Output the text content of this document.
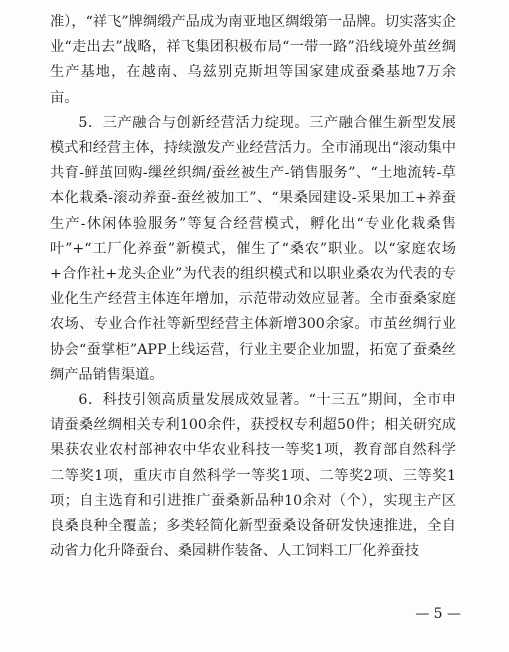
准），“祥飞”牌绸缎产品成为南亚地区绸缎第一品牌。切实落实企业“走出去”战略，祥飞集团积极布局“一带一路”沿线境外茧丝绸生产基地，在越南、乌兹别克斯坦等国家建成蚕桑基地7万余亩。

5．三产融合与创新经营活力绽现。三产融合催生新型发展模式和经营主体，持续激发产业经营活力。全市涌现出“滚动集中共育-鲜茧回购-缫丝织绸/蚕丝被生产-销售服务”、“土地流转-草本化栽桑-滚动养蚕-蚕丝被加工”、“果桑园建设-采果加工+养蚕生产-休闲体验服务”等复合经营模式，孵化出“专业化栽桑售叶”+“工厂化养蚕”新模式，催生了“桑农”职业。以“家庭农场+合作社+龙头企业”为代表的组织模式和以职业桑农为代表的专业化生产经营主体连年增加，示范带动效应显著。全市蚕桑家庭农场、专业合作社等新型经营主体新增300余家。市茧丝绸行业协会“蚕掌柜”APP上线运营，行业主要企业加盟，拓宽了蚕桑丝绸产品销售渠道。

6．科技引领高质量发展成效显著。“十三五”期间，全市申请蚕桑丝绸相关专利100余件，获授权专利超50件；相关研究成果获农业农村部神农中华农业科技一等奖1项，教育部自然科学二等奖1项，重庆市自然科学一等奖1项、二等奖2项、三等奖1项；自主选育和引进推广蚕桑新品种10余对（个），实现主产区良桑良种全覆盖；多类轻简化新型蚕桑设备研发快速推进，全自动省力化升降蚕台、桑园耕作装备、人工饲料工厂化养蚕技

— 5 —
